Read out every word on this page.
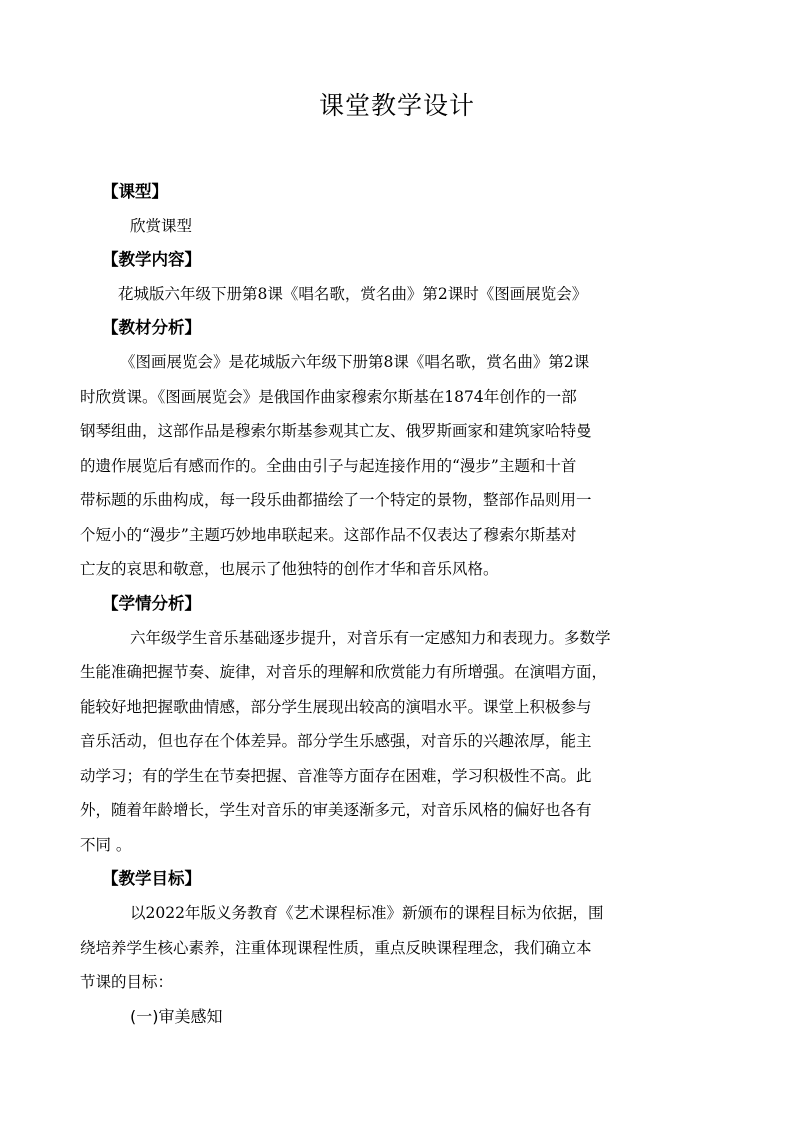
课堂教学设计
【课型】
欣赏课型
【教学内容】
花城版六年级下册第8课《唱名歌，赏名曲》第2课时《图画展览会》
【教材分析】
《图画展览会》是花城版六年级下册第8课《唱名歌，赏名曲》第2课
时欣赏课。《图画展览会》是俄国作曲家穆索尔斯基在1874年创作的一部
钢琴组曲，这部作品是穆索尔斯基参观其亡友、俄罗斯画家和建筑家哈特曼
的遗作展览后有感而作的。全曲由引子与起连接作用的“漫步”主题和十首
带标题的乐曲构成，每一段乐曲都描绘了一个特定的景物，整部作品则用一
个短小的“漫步”主题巧妙地串联起来。这部作品不仅表达了穆索尔斯基对
亡友的哀思和敬意，也展示了他独特的创作才华和音乐风格。
【学情分析】
六年级学生音乐基础逐步提升，对音乐有一定感知力和表现力。多数学
生能准确把握节奏、旋律，对音乐的理解和欣赏能力有所增强。在演唱方面，
能较好地把握歌曲情感，部分学生展现出较高的演唱水平。课堂上积极参与
音乐活动，但也存在个体差异。部分学生乐感强，对音乐的兴趣浓厚，能主
动学习；有的学生在节奏把握、音准等方面存在困难，学习积极性不高。此
外，随着年龄增长，学生对音乐的审美逐渐多元，对音乐风格的偏好也各有
不同 。
【教学目标】
以2022年版义务教育《艺术课程标准》新颁布的课程目标为依据，围
绕培养学生核心素养，注重体现课程性质，重点反映课程理念，我们确立本
节课的目标：
(一)审美感知
